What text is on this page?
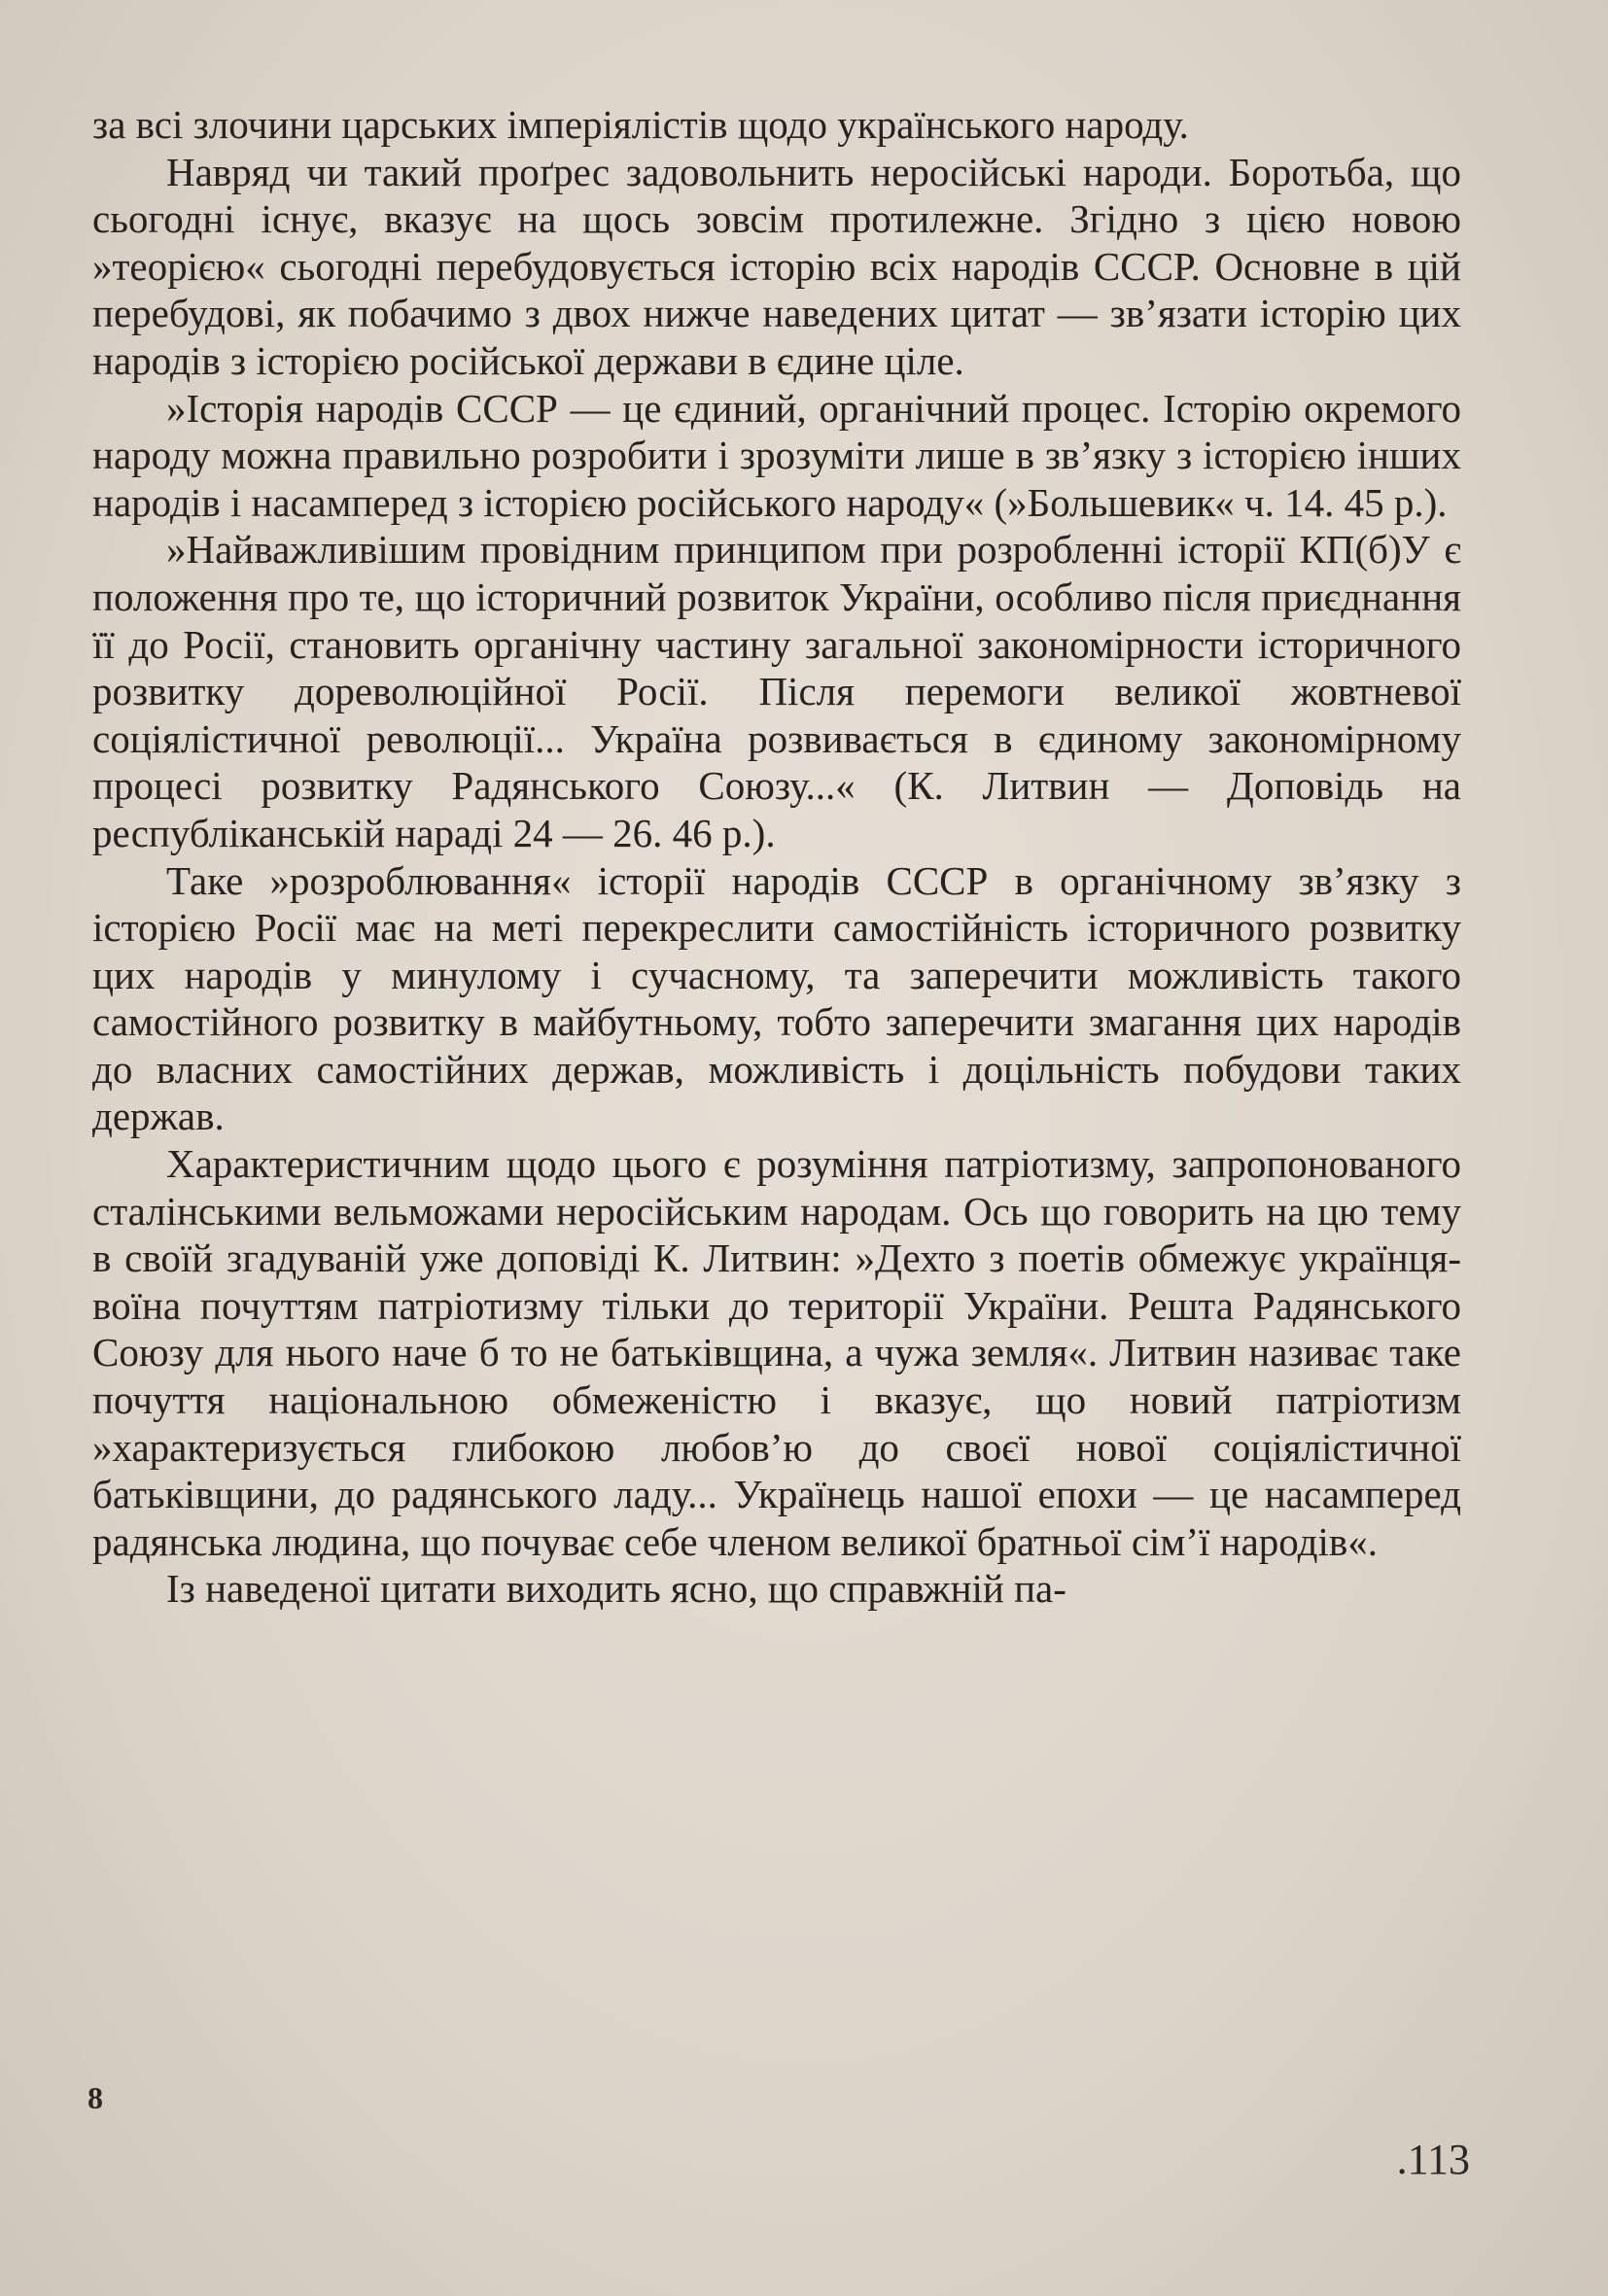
за всі злочини царських імперіялістів щодо українського народу.

Навряд чи такий проґрес задовольнить неросійські народи. Боротьба, що сьогодні існує, вказує на щось зовсім протилежне. Згідно з цією новою »теорією« сьогодні перебудовується історію всіх народів СССР. Основне в цій перебудові, як побачимо з двох нижче наведених цитат — зв’язати історію цих народів з історією російської держави в єдине ціле.

»Історія народів СССР — це єдиний, органічний процес. Історію окремого народу можна правильно розробити і зрозуміти лише в зв’язку з історією інших народів і насамперед з історією російського народу« (»Большевик« ч. 14. 45 р.).

»Найважливішим провідним принципом при розробленні історії КП(б)У є положення про те, що історичний розвиток України, особливо після приєднання її до Росії, становить органічну частину загальної закономірности історичного розвитку дореволюційної Росії. Після перемоги великої жовтневої соціялістичної революції... Україна розвивається в єдиному закономірному процесі розвитку Радянського Союзу...« (К. Литвин — Доповідь на республіканській нараді 24 — 26. 46 р.).

Таке »розроблювання« історії народів СССР в органічному зв’язку з історією Росії має на меті перекреслити самостійність історичного розвитку цих народів у минулому і сучасному, та заперечити можливість такого самостійного розвитку в майбутньому, тобто заперечити змагання цих народів до власних самостійних держав, можливість і доцільність побудови таких держав.

Характеристичним щодо цього є розуміння патріотизму, запропонованого сталінськими вельможами неросійським народам. Ось що говорить на цю тему в своїй згадуваній уже доповіді К. Литвин: »Дехто з поетів обмежує українця-воїна почуттям патріотизму тільки до території України. Решта Радянського Союзу для нього наче б то не батьківщина, а чужа земля«. Литвин називає таке почуття національною обмеженістю і вказує, що новий патріотизм »характеризується глибокою любов’ю до своєї нової соціялістичної батьківщини, до радянського ладу... Українець нашої епохи — це насамперед радянська людина, що почуває себе членом великої братньої сім’ї народів«.

Із наведеної цитати виходить ясно, що справжній па-

8
.113
